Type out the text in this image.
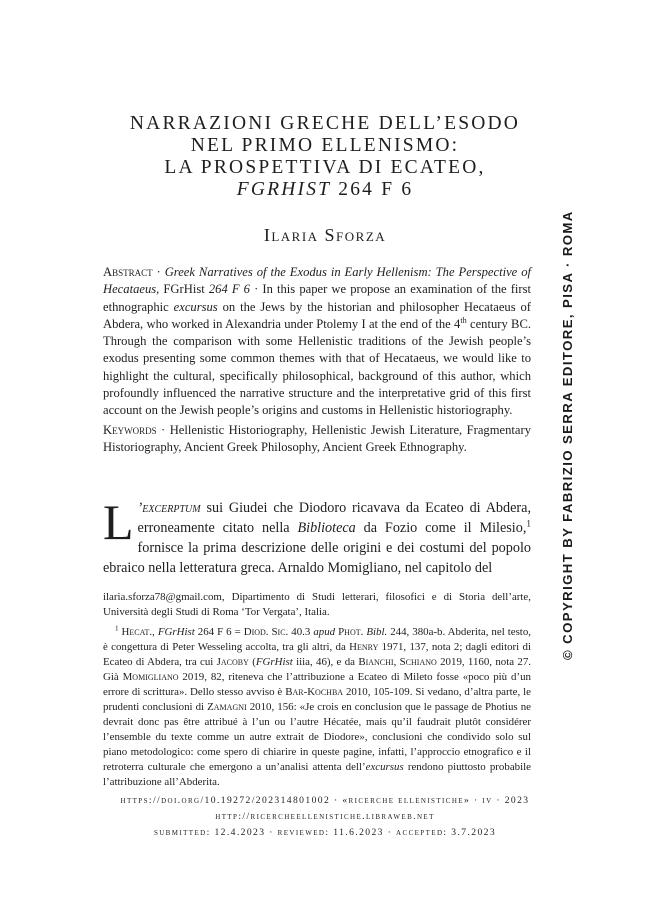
NARRAZIONI GRECHE DELL’ESODO
NEL PRIMO ELLENISMO:
LA PROSPETTIVA DI ECATEO,
FGRHIST 264 F 6
Ilaria Sforza

Abstract · Greek Narratives of the Exodus in Early Hellenism: The Perspective of Hecataeus, FGrHist 264 F 6 · In this paper we propose an examination of the first ethnographic excursus on the Jews by the historian and philosopher Hecataeus of Abdera, who worked in Alexandria under Ptolemy I at the end of the 4th century BC. Through the comparison with some Hellenistic traditions of the Jewish people’s exodus presenting some common themes with that of Hecataeus, we would like to highlight the cultural, specifically philosophical, background of this author, which profoundly influenced the narrative structure and the interpretative grid of this first account on the Jewish people’s origins and customs in Hellenistic historiography.

Keywords · Hellenistic Historiography, Hellenistic Jewish Literature, Fragmentary Historiography, Ancient Greek Philosophy, Ancient Greek Ethnography.

L ’excerptum sui Giudei che Diodoro ricavava da Ecateo di Abdera, erroneamente citato nella Biblioteca da Fozio come il Milesio,$^1$ fornisce la prima descrizione delle origini e dei costumi del popolo ebraico nella letteratura greca. Arnaldo Momigliano, nel capitolo del

ilaria.sforza78@gmail.com, Dipartimento di Studi letterari, filosofici e di Storia dell’arte, Università degli Studi di Roma ‘Tor Vergata’, Italia.

$^1$ Hecat., FGrHist 264 F 6 = Diod. Sic. 40.3 apud Phot. Bibl. 244, 380a-b. Abderita, nel testo, è congettura di Peter Wesseling accolta, tra gli altri, da Henry 1971, 137, nota 2; dagli editori di Ecateo di Abdera, tra cui Jacoby (FGrHist iiia, 46), e da Bianchi, Schiano 2019, 1160, nota 27. Già Momigliano 2019, 82, riteneva che l’attribuzione a Ecateo di Mileto fosse «poco più d’un errore di scrittura». Dello stesso avviso è Bar-Kochba 2010, 105-109. Si vedano, d’altra parte, le prudenti conclusioni di Zamagni 2010, 156: «Je crois en conclusion que le passage de Photius ne devrait donc pas être attribué à l’un ou l’autre Hécatée, mais qu’il faudrait plutôt considérer l’ensemble du texte comme un autre extrait de Diodore», conclusioni che condivido solo sul piano metodologico: come spero di chiarire in queste pagine, infatti, l’approccio etnografico e il retroterra culturale che emergono a un’analisi attenta dell’excursus rendono piuttosto probabile l’attribuzione all’Abderita.

https://doi.org/10.19272/202314801002 · «ricerche ellenistiche» · iv · 2023
http://ricercheellenistiche.libraweb.net
submitted: 12.4.2023 · reviewed: 11.6.2023 · accepted: 3.7.2023
© COPYRIGHT BY FABRIZIO SERRA EDITORE, PISA · ROMA
